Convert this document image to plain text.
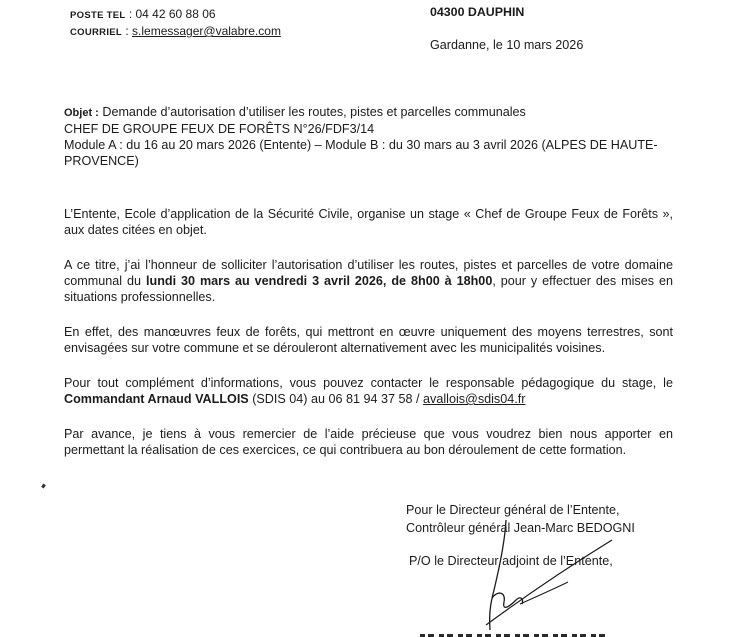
POSTE TEL : 04 42 60 88 06
COURRIEL : s.lemessager@valabre.com
04300 DAUPHIN
Gardanne, le 10 mars 2026
Objet : Demande d’autorisation d’utiliser les routes, pistes et parcelles communales
CHEF DE GROUPE FEUX DE FORÊTS N°26/FDF3/14
Module A : du 16 au 20 mars 2026 (Entente) – Module B : du 30 mars au 3 avril 2026 (ALPES DE HAUTE-
PROVENCE)
L’Entente, Ecole d’application de la Sécurité Civile, organise un stage « Chef de Groupe Feux de Forêts »,
aux dates citées en objet.
A ce titre, j’ai l’honneur de solliciter l’autorisation d’utiliser les routes, pistes et parcelles de votre domaine
communal du lundi 30 mars au vendredi 3 avril 2026, de 8h00 à 18h00, pour y effectuer des mises en
situations professionnelles.
En effet, des manœuvres feux de forêts, qui mettront en œuvre uniquement des moyens terrestres, sont
envisagées sur votre commune et se dérouleront alternativement avec les municipalités voisines.
Pour tout complément d’informations, vous pouvez contacter le responsable pédagogique du stage, le
Commandant Arnaud VALLOIS (SDIS 04) au 06 81 94 37 58 / avallois@sdis04.fr
Par avance, je tiens à vous remercier de l’aide précieuse que vous voudrez bien nous apporter en
permettant la réalisation de ces exercices, ce qui contribuera au bon déroulement de cette formation.
Pour le Directeur général de l’Entente,
Contrôleur général Jean-Marc BEDOGNI
P/O le Directeur adjoint de l’Entente,
